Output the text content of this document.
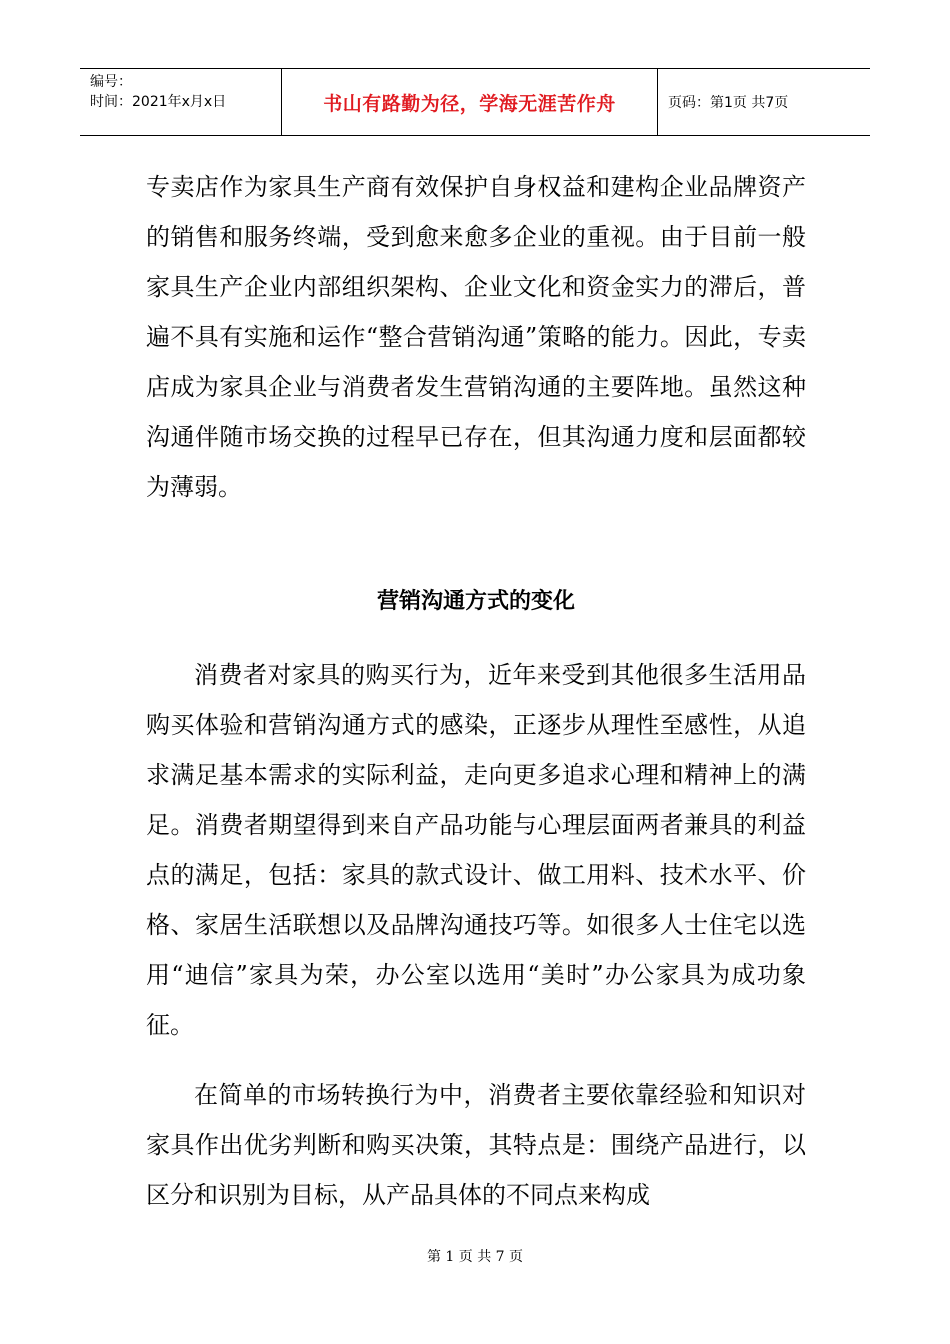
编号：
时间：2021年x月x日	书山有路勤为径，学海无涯苦作舟	页码：第1页 共7页

专卖店作为家具生产商有效保护自身权益和建构企业品牌资产的销售和服务终端，受到愈来愈多企业的重视。由于目前一般家具生产企业内部组织架构、企业文化和资金实力的滞后，普遍不具有实施和运作“整合营销沟通”策略的能力。因此，专卖店成为家具企业与消费者发生营销沟通的主要阵地。虽然这种沟通伴随市场交换的过程早已存在，但其沟通力度和层面都较为薄弱。

营销沟通方式的变化

消费者对家具的购买行为，近年来受到其他很多生活用品购买体验和营销沟通方式的感染，正逐步从理性至感性，从追求满足基本需求的实际利益，走向更多追求心理和精神上的满足。消费者期望得到来自产品功能与心理层面两者兼具的利益点的满足，包括：家具的款式设计、做工用料、技术水平、价格、家居生活联想以及品牌沟通技巧等。如很多人士住宅以选用“迪信”家具为荣，办公室以选用“美时”办公家具为成功象征。

在简单的市场转换行为中，消费者主要依靠经验和知识对家具作出优劣判断和购买决策，其特点是：围绕产品进行，以区分和识别为目标，从产品具体的不同点来构成

第 1 页 共 7 页
